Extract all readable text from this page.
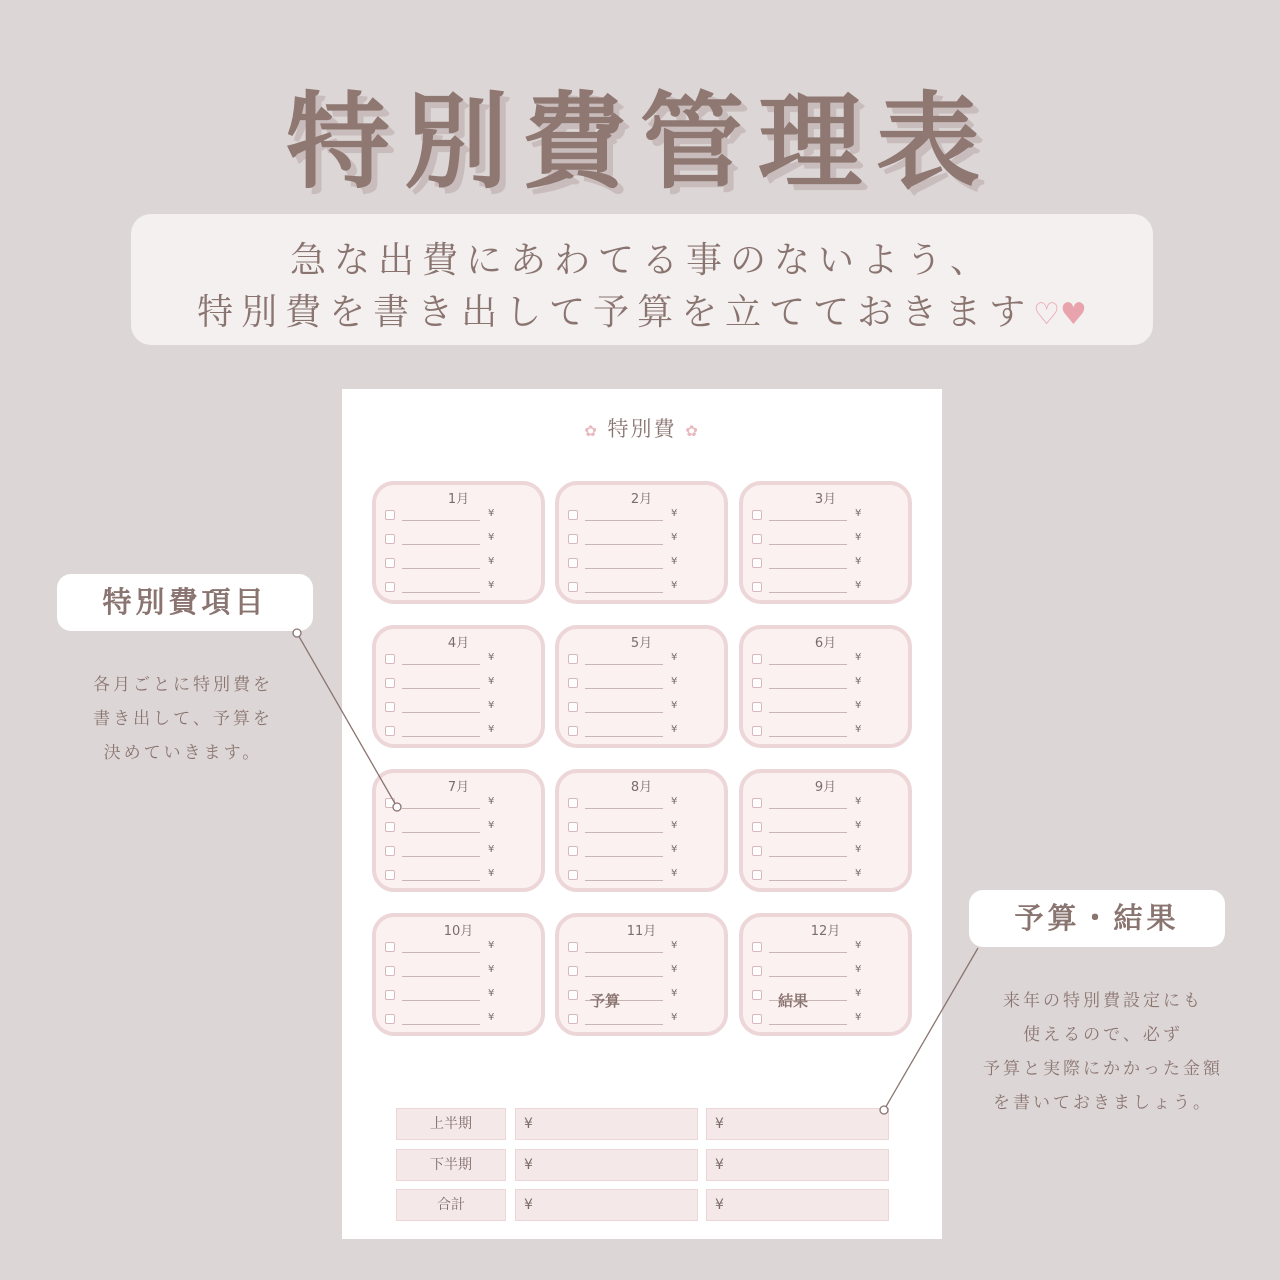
特別費管理表
急な出費にあわてる事のないよう、
特別費を書き出して予算を立てておきます♡♥
✿ 特別費 ✿
1月
¥
¥
¥
¥
2月
¥
¥
¥
¥
3月
¥
¥
¥
¥
4月
¥
¥
¥
¥
5月
¥
¥
¥
¥
6月
¥
¥
¥
¥
7月
¥
¥
¥
¥
8月
¥
¥
¥
¥
9月
¥
¥
¥
¥
10月
¥
¥
¥
¥
11月
¥
¥
¥
¥
12月
¥
¥
¥
¥
予算	結果
上半期	¥	¥
下半期	¥	¥
合計	¥	¥
特別費項目
各月ごとに特別費を
書き出して、予算を
決めていきます。
予算・結果
来年の特別費設定にも
使えるので、必ず
予算と実際にかかった金額
を書いておきましょう。
